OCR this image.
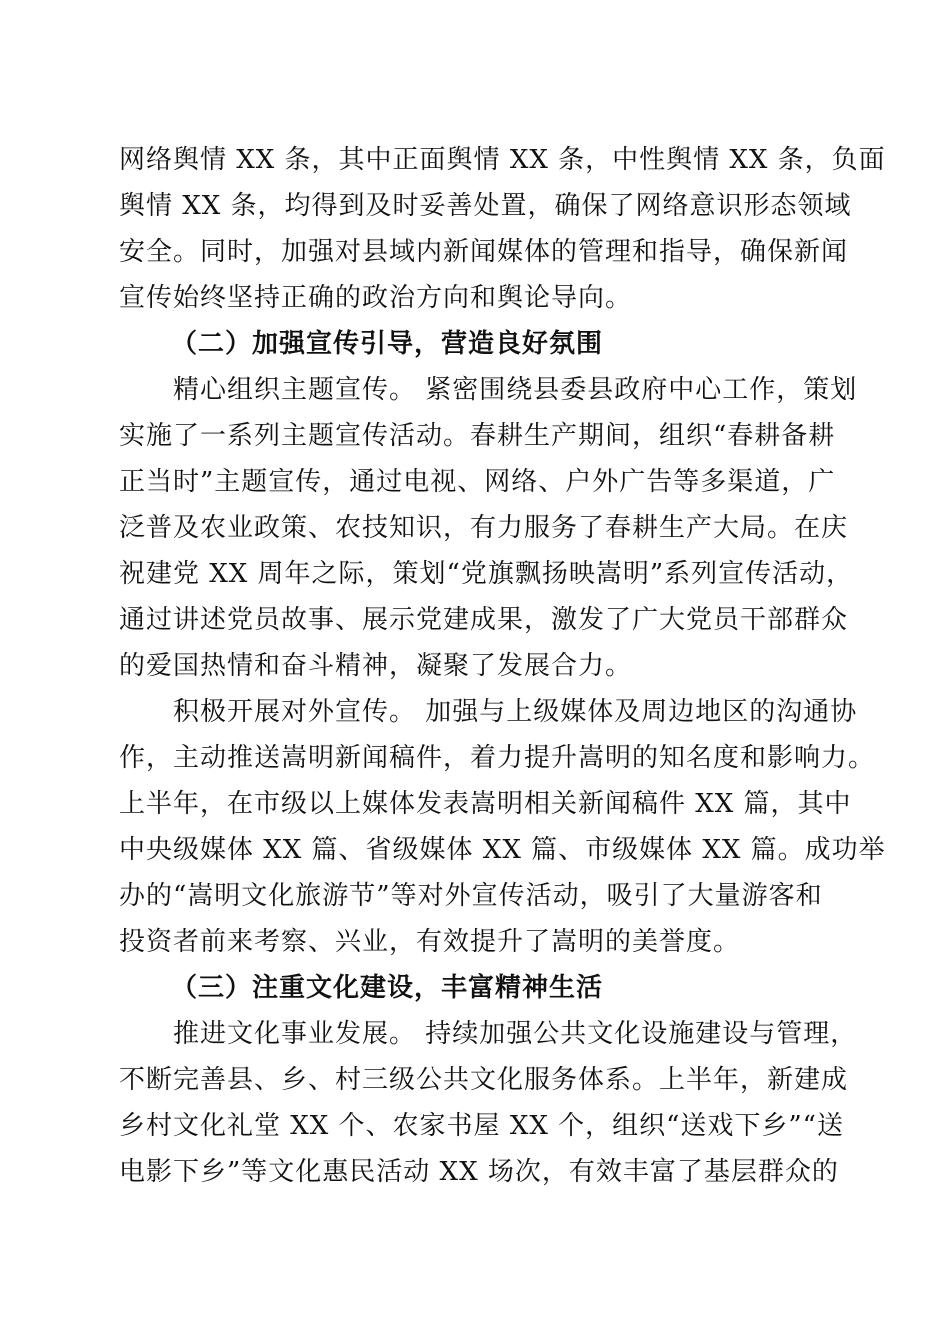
网络舆情 XX 条，其中正面舆情 XX 条，中性舆情 XX 条，负面
舆情 XX 条，均得到及时妥善处置，确保了网络意识形态领域
安全。同时，加强对县域内新闻媒体的管理和指导，确保新闻
宣传始终坚持正确的政治方向和舆论导向。
（二）加强宣传引导，营造良好氛围
　　精心组织主题宣传。 紧密围绕县委县政府中心工作，策划
实施了一系列主题宣传活动。春耕生产期间，组织“春耕备耕
正当时”主题宣传，通过电视、网络、户外广告等多渠道，广
泛普及农业政策、农技知识，有力服务了春耕生产大局。在庆
祝建党 XX 周年之际，策划“党旗飘扬映嵩明”系列宣传活动，
通过讲述党员故事、展示党建成果，激发了广大党员干部群众
的爱国热情和奋斗精神，凝聚了发展合力。
　　积极开展对外宣传。 加强与上级媒体及周边地区的沟通协
作，主动推送嵩明新闻稿件，着力提升嵩明的知名度和影响力。
上半年，在市级以上媒体发表嵩明相关新闻稿件 XX 篇，其中
中央级媒体 XX 篇、省级媒体 XX 篇、市级媒体 XX 篇。成功举
办的“嵩明文化旅游节”等对外宣传活动，吸引了大量游客和
投资者前来考察、兴业，有效提升了嵩明的美誉度。
（三）注重文化建设，丰富精神生活
　　推进文化事业发展。 持续加强公共文化设施建设与管理，
不断完善县、乡、村三级公共文化服务体系。上半年，新建成
乡村文化礼堂 XX 个、农家书屋 XX 个，组织“送戏下乡”“送
电影下乡”等文化惠民活动 XX 场次，有效丰富了基层群众的
